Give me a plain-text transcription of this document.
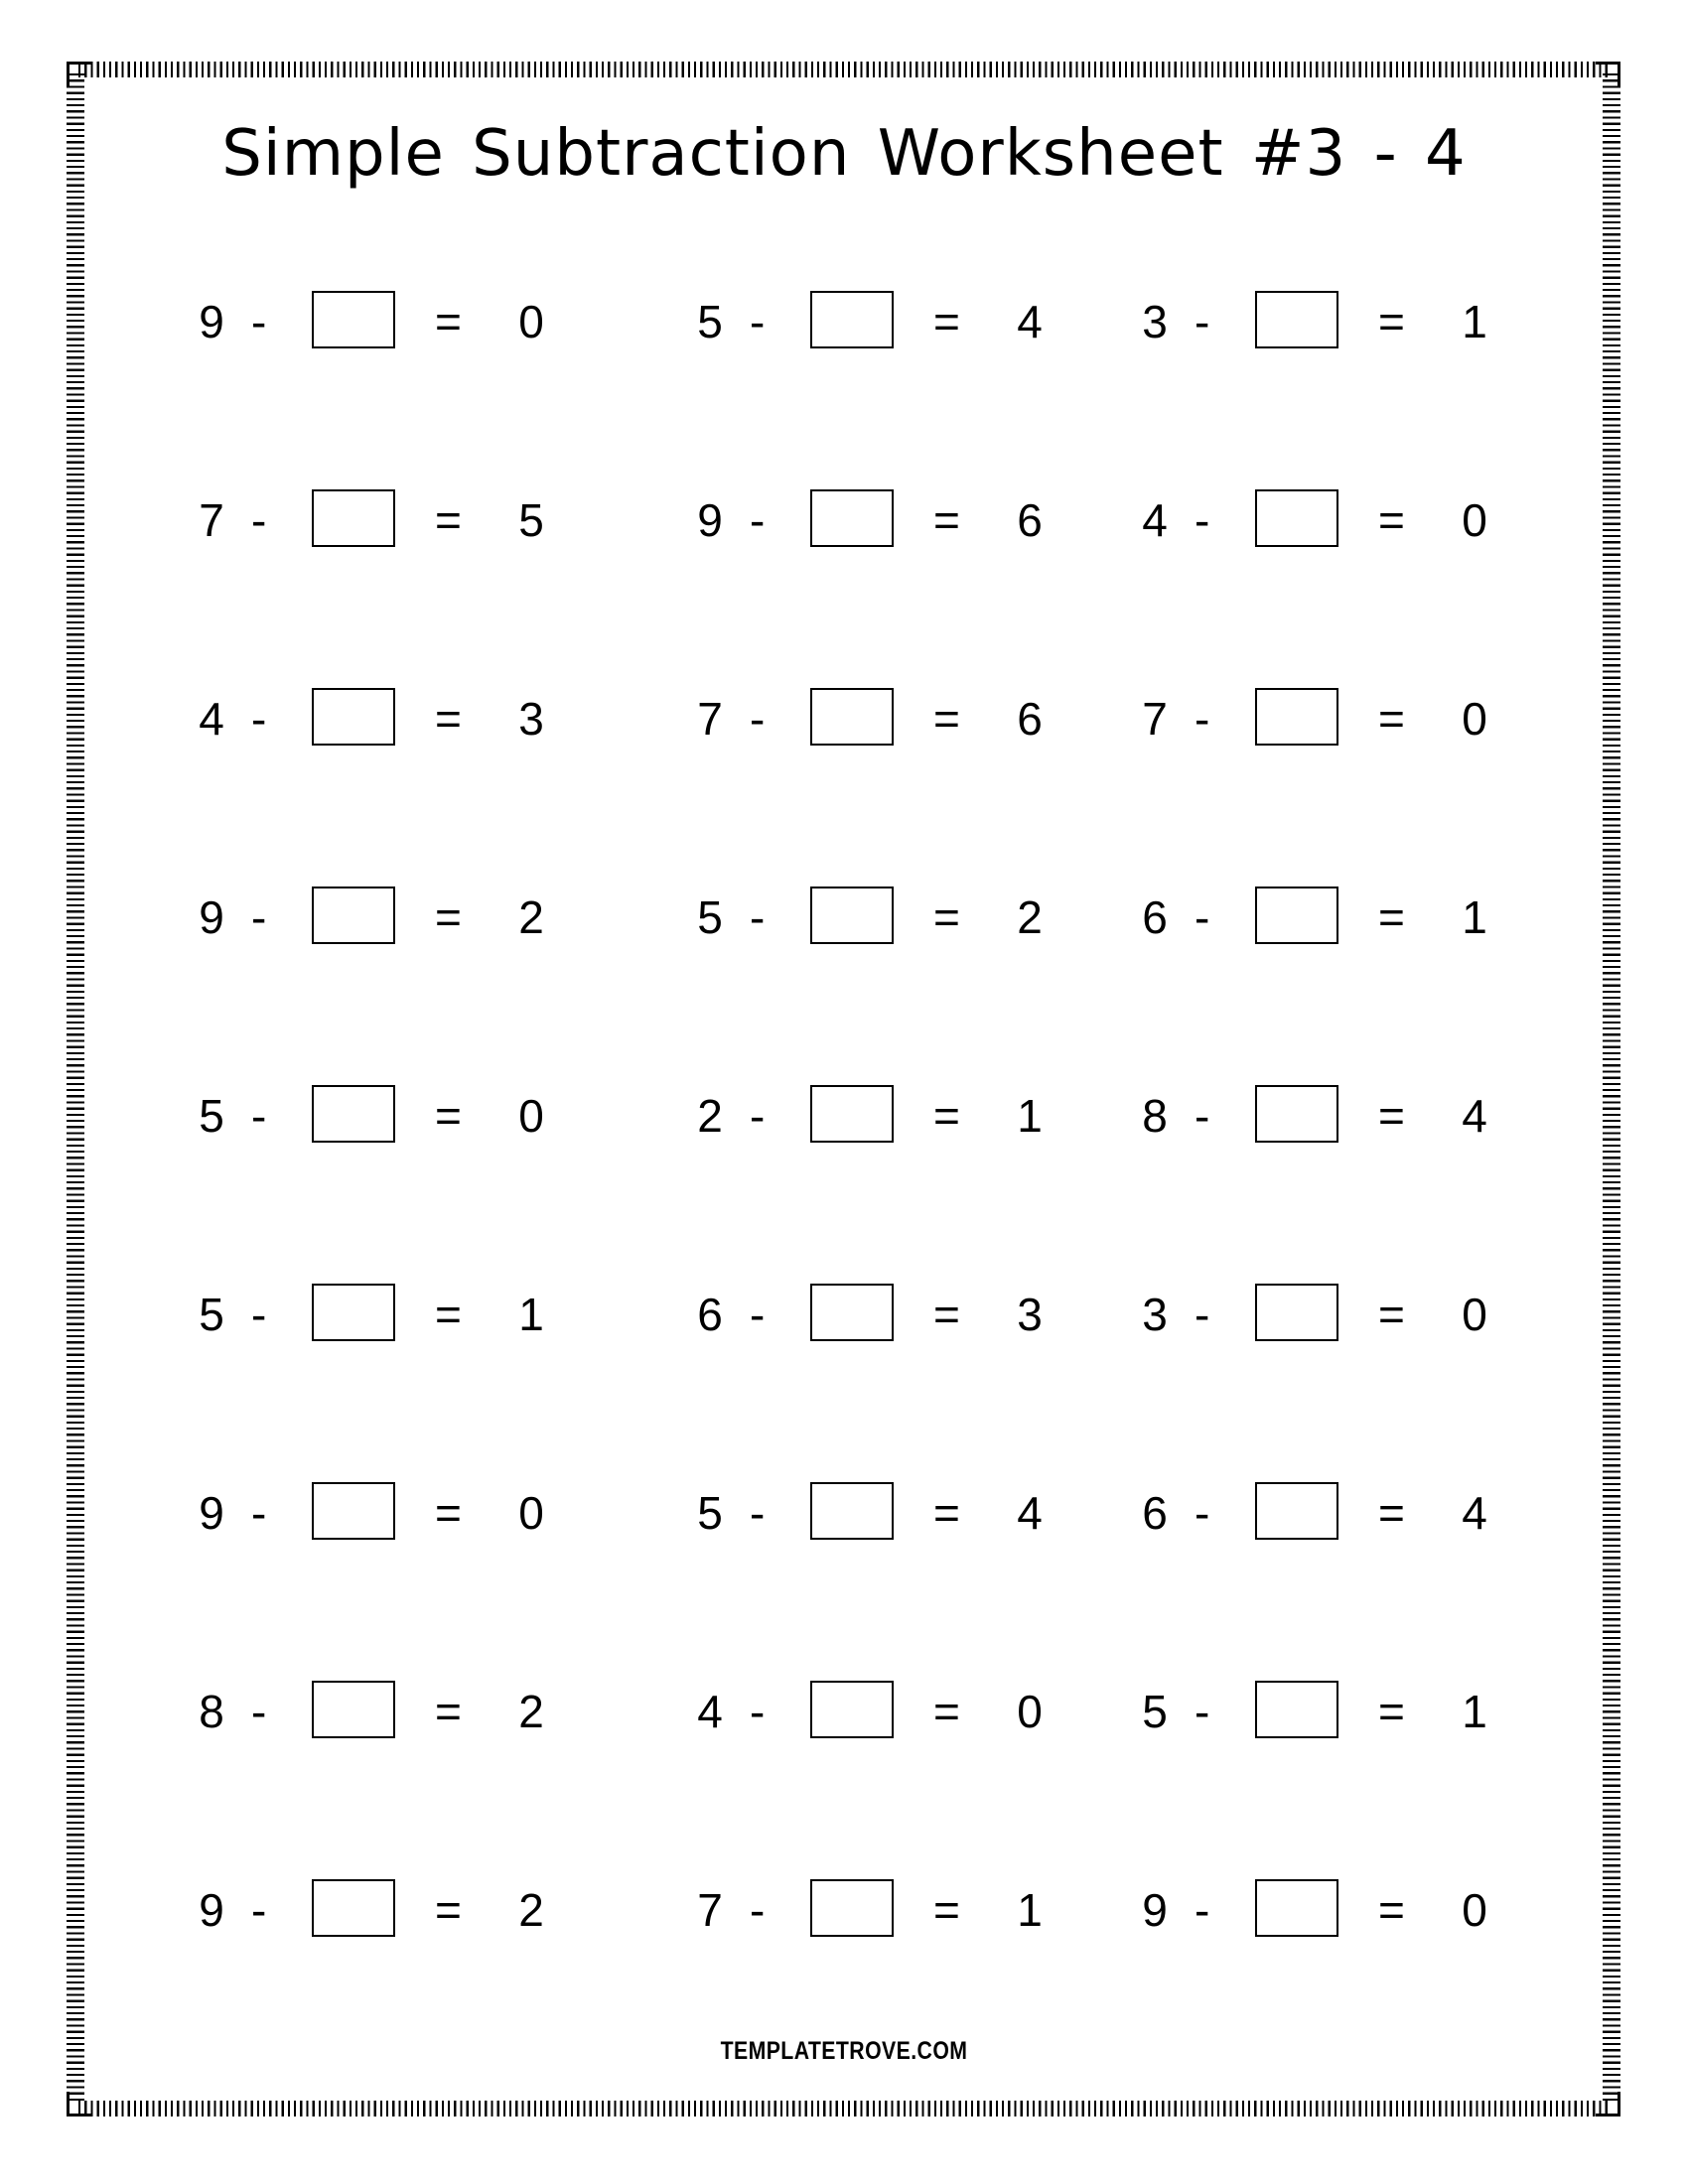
Simple Subtraction Worksheet #3 - 4
9 -	= 0	5 -	= 4 3 -	= 1
7 -	= 5	9 -	= 6 4 -	= 0
4 -	= 3	7 -	= 6 7 -	= 0
9 -	= 2	5 -	= 2 6 -	= 1
5 -	= 0	2 -	= 1 8 -	= 4
5 -	= 1	6 -	= 3 3 -	= 0
9 -	= 0	5 -	= 4 6 -	= 4
8 -	= 2	4 -	= 0 5 -	= 1
9 -	= 2	7 -	= 1 9 -	= 0
TEMPLATETROVE.COM
